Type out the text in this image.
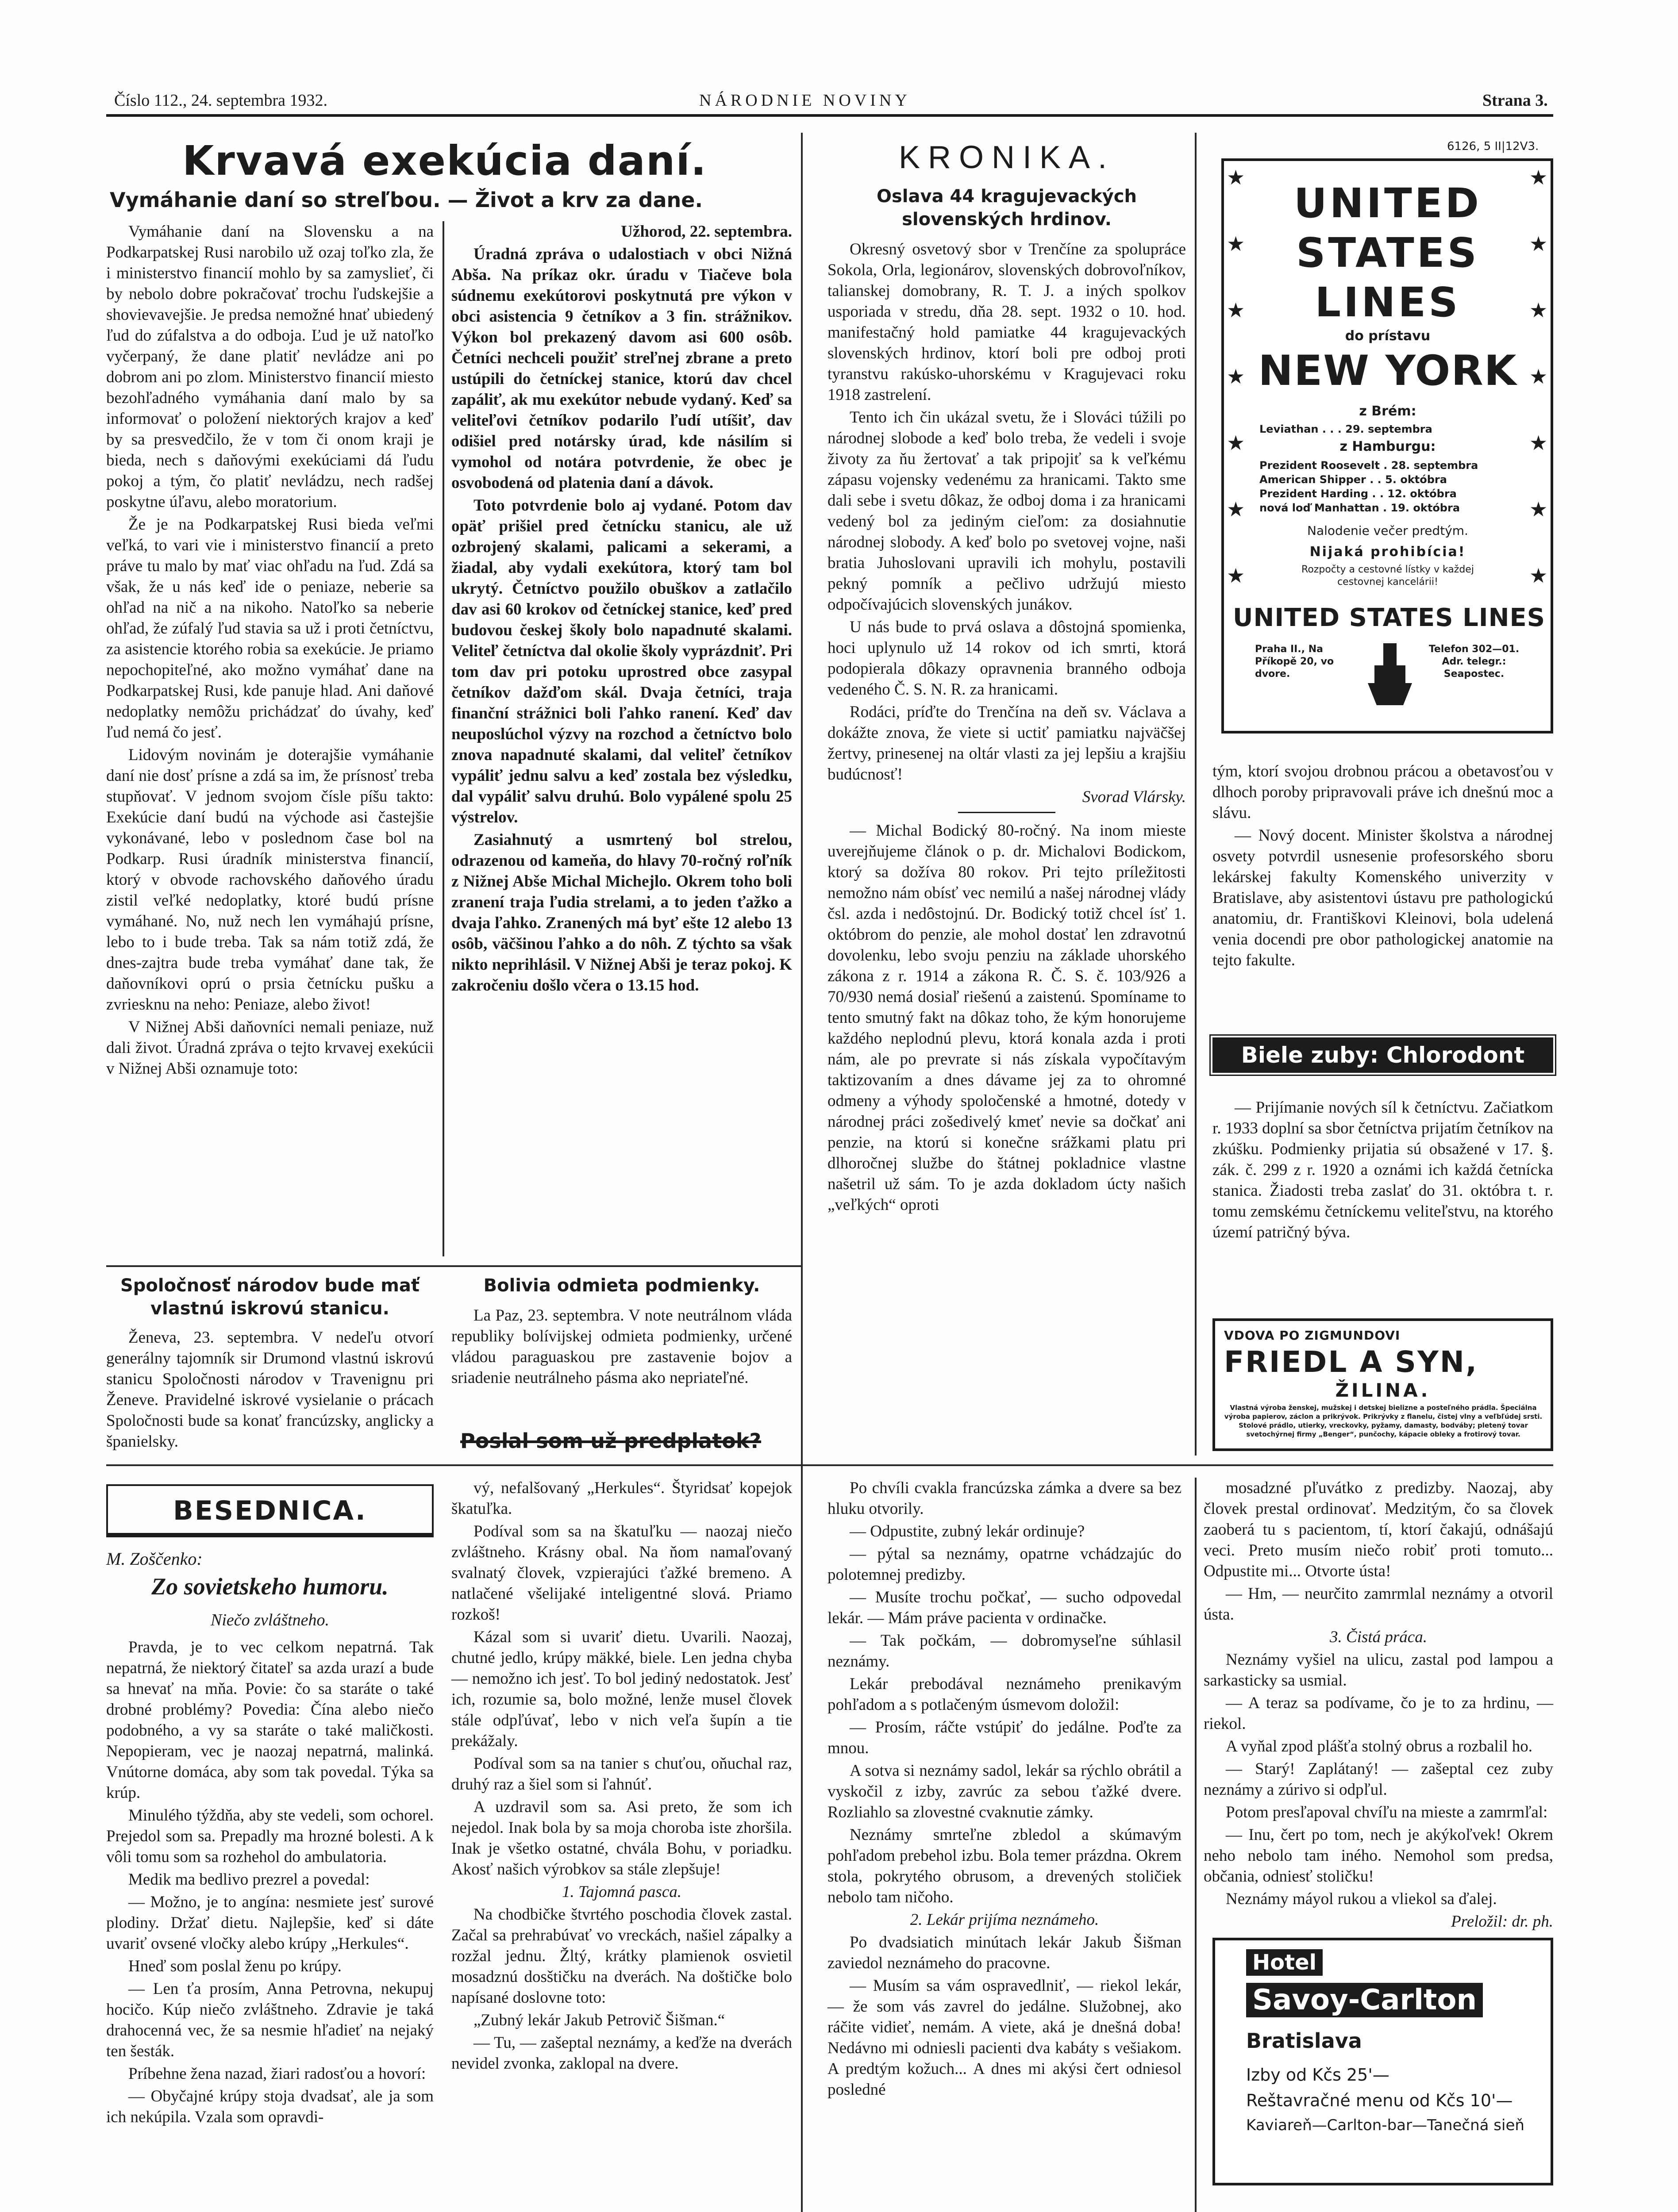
Číslo 112., 24. septembra 1932.	NÁRODNIE NOVINY	Strana 3.
Krvavá exekúcia daní.
Vymáhanie daní so streľbou. — Život a krv za dane.

Vymáhanie daní na Slovensku a na Podkarpatskej Rusi narobilo už ozaj toľko zla, že i ministerstvo financií mohlo by sa zamyslieť, či by nebolo dobre pokračovať trochu ľudskejšie a shovievavejšie. Je predsa nemožné hnať ubiedený ľud do zúfalstva a do odboja. Ľud je už natoľko vyčerpaný, že dane platiť nevládze ani po dobrom ani po zlom. Ministerstvo financií miesto bezohľadného vymáhania daní malo by sa informovať o položení niektorých krajov a keď by sa presvedčilo, že v tom či onom kraji je bieda, nech s daňovými exekúciami dá ľudu pokoj a tým, čo platiť nevládzu, nech radšej poskytne úľavu, alebo moratorium.

Že je na Podkarpatskej Rusi bieda veľmi veľká, to vari vie i ministerstvo financií a preto práve tu malo by mať viac ohľadu na ľud. Zdá sa však, že u nás keď ide o peniaze, neberie sa ohľad na nič a na nikoho. Natoľko sa neberie ohľad, že zúfalý ľud stavia sa už i proti četníctvu, za asistencie ktorého robia sa exekúcie. Je priamo nepochopiteľné, ako možno vymáhať dane na Podkarpatskej Rusi, kde panuje hlad. Ani daňové nedoplatky nemôžu prichádzať do úvahy, keď ľud nemá čo jesť.

Lidovým novinám je doterajšie vymáhanie daní nie dosť prísne a zdá sa im, že prísnosť treba stupňovať. V jednom svojom čísle píšu takto: Exekúcie daní budú na východe asi častejšie vykonávané, lebo v poslednom čase bol na Podkarp. Rusi úradník ministerstva financií, ktorý v obvode rachovského daňového úradu zistil veľké nedoplatky, ktoré budú prísne vymáhané. No, nuž nech len vymáhajú prísne, lebo to i bude treba. Tak sa nám totiž zdá, že dnes-zajtra bude treba vymáhať dane tak, že daňovníkovi oprú o prsia četnícku pušku a zvriesknu na neho: Peniaze, alebo život!

V Nižnej Abši daňovníci nemali peniaze, nuž dali život. Úradná zpráva o tejto krvavej exekúcii v Nižnej Abši oznamuje toto:

Užhorod, 22. septembra.

Úradná zpráva o udalostiach v obci Nižná Abša. Na príkaz okr. úradu v Tiačeve bola súdnemu exekútorovi poskytnutá pre výkon v obci asistencia 9 četníkov a 3 fin. strážnikov. Výkon bol prekazený davom asi 600 osôb. Četníci nechceli použiť streľnej zbrane a preto ustúpili do četníckej stanice, ktorú dav chcel zapáliť, ak mu exekútor nebude vydaný. Keď sa veliteľovi četníkov podarilo ľudí utíšiť, dav odišiel pred notársky úrad, kde násilím si vymohol od notára potvrdenie, že obec je osvobodená od platenia daní a dávok.

Toto potvrdenie bolo aj vydané. Potom dav opäť prišiel pred četnícku stanicu, ale už ozbrojený skalami, palicami a sekerami, a žiadal, aby vydali exekútora, ktorý tam bol ukrytý. Četníctvo použilo obuškov a zatlačilo dav asi 60 krokov od četníckej stanice, keď pred budovou českej školy bolo napadnuté skalami. Veliteľ četníctva dal okolie školy vyprázdniť. Pri tom dav pri potoku uprostred obce zasypal četníkov dažďom skál. Dvaja četníci, traja finanční strážnici boli ľahko ranení. Keď dav neuposlúchol výzvy na rozchod a četníctvo bolo znova napadnuté skalami, dal veliteľ četníkov vypáliť jednu salvu a keď zostala bez výsledku, dal vypáliť salvu druhú. Bolo vypálené spolu 25 výstrelov.

Zasiahnutý a usmrtený bol strelou, odrazenou od kameňa, do hlavy 70-ročný roľník z Nižnej Abše Michal Michejlo. Okrem toho boli zranení traja ľudia strelami, a to jeden ťažko a dvaja ľahko. Zranených má byť ešte 12 alebo 13 osôb, väčšinou ľahko a do nôh. Z týchto sa však nikto neprihlásil. V Nižnej Abši je teraz pokoj. K zakročeniu došlo včera o 13.15 hod.

Spoločnosť národov bude mať vlastnú iskrovú stanicu.

Ženeva, 23. septembra. V nedeľu otvorí generálny tajomník sir Drumond vlastnú iskrovú stanicu Spoločnosti národov v Travenignu pri Ženeve. Pravidelné iskrové vysielanie o prácach Spoločnosti bude sa konať francúzsky, anglicky a španielsky.

Bolivia odmieta podmienky.

La Paz, 23. septembra. V note neutrálnom vláda republiky bolívijskej odmieta podmienky, určené vládou paraguaskou pre zastavenie bojov a sriadenie neutrálneho pásma ako nepriateľné.

Poslal som už predplatok?
BESEDNICA.
M. Zoščenko:
Zo sovietskeho humoru.
Niečo zvláštneho.

Pravda, je to vec celkom nepatrná. Tak nepatrná, že niektorý čitateľ sa azda urazí a bude sa hnevať na mňa. Povie: čo sa staráte o také drobné problémy? Povedia: Čína alebo niečo podobného, a vy sa staráte o také maličkosti. Nepopieram, vec je naozaj nepatrná, malinká. Vnútorne domáca, aby som tak povedal. Týka sa krúp.

Minulého týždňa, aby ste vedeli, som ochorel. Prejedol som sa. Prepadly ma hrozné bolesti. A k vôli tomu som sa rozhehol do ambulatoria.

Medik ma bedlivo prezrel a povedal:

— Možno, je to angína: nesmiete jesť surové plodiny. Držať dietu. Najlepšie, keď si dáte uvariť ovsené vločky alebo krúpy „Herkules“.

Hneď som poslal ženu po krúpy.

— Len ťa prosím, Anna Petrovna, nekupuj hocičo. Kúp niečo zvláštneho. Zdravie je taká drahocenná vec, že sa nesmie hľadieť na nejaký ten šesták.

Príbehne žena nazad, žiari radosťou a hovorí:

— Obyčajné krúpy stoja dvadsať, ale ja som ich nekúpila. Vzala som opravdi-

vý, nefalšovaný „Herkules“. Štyridsať kopejok škatuľka.

Podíval som sa na škatuľku — naozaj niečo zvláštneho. Krásny obal. Na ňom namaľovaný svalnatý človek, vzpierajúci ťažké bremeno. A natlačené všelijaké inteligentné slová. Priamo rozkoš!

Kázal som si uvariť dietu. Uvarili. Naozaj, chutné jedlo, krúpy mäkké, biele. Len jedna chyba — nemožno ich jesť. To bol jediný nedostatok. Jesť ich, rozumie sa, bolo možné, lenže musel človek stále odpľúvať, lebo v nich veľa šupín a tie prekážaly.

Podíval som sa na tanier s chuťou, oňuchal raz, druhý raz a šiel som si ľahnúť.

A uzdravil som sa. Asi preto, že som ich nejedol. Inak bola by sa moja choroba iste zhoršila. Inak je všetko ostatné, chvála Bohu, v poriadku. Akosť našich výrobkov sa stále zlepšuje!

1. Tajomná pasca.

Na chodbičke štvrtého poschodia človek zastal. Začal sa prehrabúvať vo vreckách, našiel zápalky a rozžal jednu. Žltý, krátky plamienok osvietil mosadznú dosštičku na dverách. Na doštičke bolo napísané doslovne toto:

„Zubný lekár Jakub Petrovič Šišman.“

— Tu, — zašeptal neznámy, a keďže na dverách nevidel zvonka, zaklopal na dvere.

Po chvíli cvakla francúzska zámka a dvere sa bez hluku otvorily.

— Odpustite, zubný lekár ordinuje?

— pýtal sa neznámy, opatrne vchádzajúc do polotemnej predizby.

— Musíte trochu počkať, — sucho odpovedal lekár. — Mám práve pacienta v ordinačke.

— Tak počkám, — dobromyseľne súhlasil neznámy.

Lekár prebodával neznámeho prenikavým pohľadom a s potlačeným úsmevom doložil:

— Prosím, ráčte vstúpiť do jedálne. Poďte za mnou.

A sotva si neznámy sadol, lekár sa rýchlo obrátil a vyskočil z izby, zavrúc za sebou ťažké dvere. Rozliahlo sa zlovestné cvaknutie zámky.

Neznámy smrteľne zbledol a skúmavým pohľadom prebehol izbu. Bola temer prázdna. Okrem stola, pokrytého obrusom, a drevených stoličiek nebolo tam ničoho.

2. Lekár prijíma neznámeho.

Po dvadsiatich minútach lekár Jakub Šišman zaviedol neznámeho do pracovne.

— Musím sa vám ospravedlniť, — riekol lekár, — že som vás zavrel do jedálne. Služobnej, ako ráčite vidieť, nemám. A viete, aká je dnešná doba! Nedávno mi odniesli pacienti dva kabáty s vešiakom. A predtým kožuch... A dnes mi akýsi čert odniesol posledné

mosadzné pľuvátko z predizby. Naozaj, aby človek prestal ordinovať. Medzitým, čo sa človek zaoberá tu s pacientom, tí, ktorí čakajú, odnášajú veci. Preto musím niečo robiť proti tomuto... Odpustite mi... Otvorte ústa!

— Hm, — neurčito zamrmlal neznámy a otvoril ústa.

3. Čistá práca.

Neznámy vyšiel na ulicu, zastal pod lampou a sarkasticky sa usmial.

— A teraz sa podívame, čo je to za hrdinu, — riekol.

A vyňal zpod plášťa stolný obrus a rozbalil ho.

— Starý! Zaplátaný! — zašeptal cez zuby neznámy a zúrivo si odpľul.

Potom presľapoval chvíľu na mieste a zamrmľal:

— Inu, čert po tom, nech je akýkoľvek! Okrem neho nebolo tam iného. Nemohol som predsa, občania, odniesť stoličku!

Neznámy máyol rukou a vliekol sa ďalej.

Preložil: dr. ph.

Hotel
Savoy-Carlton
Bratislava
Izby od Kčs 25'—
Reštavračné menu od Kčs 10'—
Kaviareň—Carlton-bar—Tanečná sieň
KRONIKA.
Oslava 44 kragujevackých slovenských hrdinov.

Okresný osvetový sbor v Trenčíne za spolupráce Sokola, Orla, legionárov, slovenských dobrovoľníkov, talianskej domobrany, R. T. J. a iných spolkov usporiada v stredu, dňa 28. sept. 1932 o 10. hod. manifestačný hold pamiatke 44 kragujevackých slovenských hrdinov, ktorí boli pre odboj proti tyranstvu rakúsko-uhorskému v Kragujevaci roku 1918 zastrelení.

Tento ich čin ukázal svetu, že i Slováci túžili po národnej slobode a keď bolo treba, že vedeli i svoje životy za ňu žertovať a tak pripojiť sa k veľkému zápasu vojensky vedenému za hranicami. Takto sme dali sebe i svetu dôkaz, že odboj doma i za hranicami vedený bol za jediným cieľom: za dosiahnutie národnej slobody. A keď bolo po svetovej vojne, naši bratia Juhoslovani upravili ich mohylu, postavili pekný pomník a pečlivo udržujú miesto odpočívajúcich slovenských junákov.

U nás bude to prvá oslava a dôstojná spomienka, hoci uplynulo už 14 rokov od ich smrti, ktorá podopierala dôkazy opravnenia branného odboja vedeného Č. S. N. R. za hranicami.

Rodáci, príďte do Trenčína na deň sv. Václava a dokážte znova, že viete si uctiť pamiatku najväčšej žertvy, prinesenej na oltár vlasti za jej lepšiu a krajšiu budúcnosť!

Svorad Vlársky.

— Michal Bodický 80-ročný. Na inom mieste uverejňujeme článok o p. dr. Michalovi Bodickom, ktorý sa dožíva 80 rokov. Pri tejto príležitosti nemožno nám obísť vec nemilú a našej národnej vlády čsl. azda i nedôstojnú. Dr. Bodický totiž chcel ísť 1. októbrom do penzie, ale mohol dostať len zdravotnú dovolenku, lebo svoju penziu na základe uhorského zákona z r. 1914 a zákona R. Č. S. č. 103/926 a 70/930 nemá dosiaľ riešenú a zaistenú. Spomíname to tento smutný fakt na dôkaz toho, že kým honorujeme každého neplodnú plevu, ktorá konala azda i proti nám, ale po prevrate si nás získala vypočítavým taktizovaním a dnes dávame jej za to ohromné odmeny a výhody spoločenské a hmotné, dotedy v národnej práci zošedivelý kmeť nevie sa dočkať ani penzie, na ktorú si konečne srážkami platu pri dlhoročnej službe do štátnej pokladnice vlastne našetril už sám. To je azda dokladom úcty našich „veľkých“ oproti

6126, 5 II|12V3.
★
★
★
★
★
★
★
★
★
★
★
★
★
★
UNITED STATES LINES
do prístavu
NEW YORK
z Brém:
Leviathan . . . 29. septembra
z Hamburgu:
Prezident Roosevelt . 28. septembra
American Shipper . . 5. októbra
Prezident Harding . . 12. októbra
nová loď Manhattan . 19. októbra
Nalodenie večer predtým.
Nijaká prohibícia!
Rozpočty a cestovné lístky v každej cestovnej kancelárii!
UNITED STATES LINES
Praha II., Na Příkopě 20, vo dvore.
Telefon 302—01. Adr. telegr.: Seaposteс.

tým, ktorí svojou drobnou prácou a obetavosťou v dlhoch poroby pripravovali práve ich dnešnú moc a slávu.

— Nový docent. Minister školstva a národnej osvety potvrdil usnesenie profesorského sboru lekárskej fakulty Komenského univerzity v Bratislave, aby asistentovi ústavu pre pathologickú anatomiu, dr. Františkovi Kleinovi, bola udelená venia docendi pre obor pathologickej anatomie na tejto fakulte.

Biele zuby: Chlorodont

— Prijímanie nových síl k četníctvu. Začiatkom r. 1933 doplní sa sbor četníctva prijatím četníkov na zkúšku. Podmienky prijatia sú obsažené v 17. §. zák. č. 299 z r. 1920 a oznámi ich každá četnícka stanica. Žiadosti treba zaslať do 31. októbra t. r. tomu zemskému četníckemu veliteľstvu, na ktorého území patričný býva.

VDOVA PO ZIGMUNDOVI
FRIEDL A SYN,
ŽILINA.
Vlastná výroba ženskej, mužskej i detskej bielizne a posteľného prádla. Špeciálna výroba papierov, záclon a prikrývok. Prikrývky z flanelu, čistej vlny a veľbľúdej srsti. Stolové prádlo, utierky, vreckovky, pyžamy, damasty, bodváby; pletený tovar svetochýrnej firmy „Benger“, punčochy, kápacie obleky a frotirový tovar.
